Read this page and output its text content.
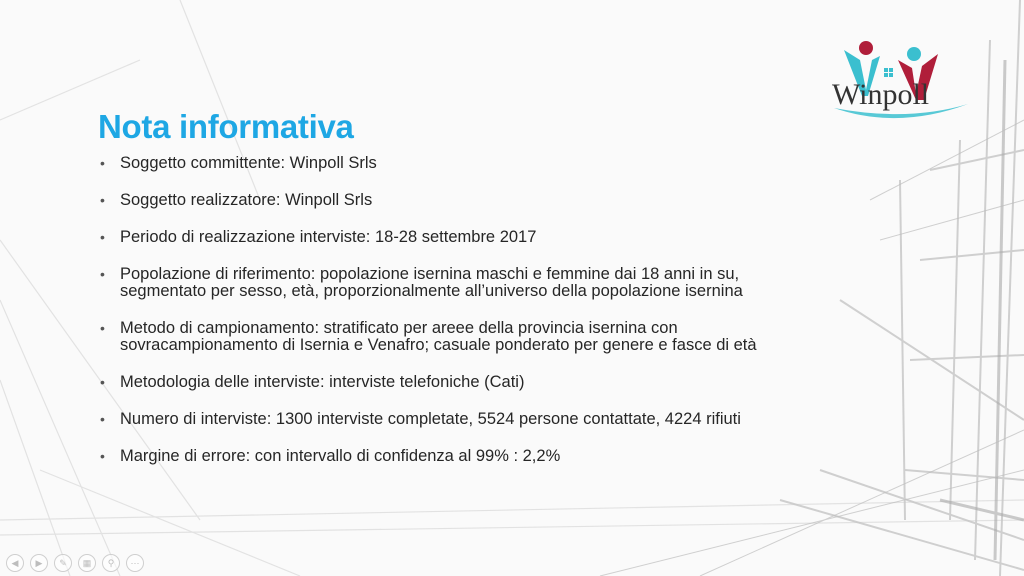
Nota informativa
• Soggetto committente: Winpoll Srls
• Soggetto realizzatore: Winpoll Srls
• Periodo di realizzazione interviste: 18-28 settembre 2017
• Popolazione di riferimento: popolazione isernina maschi e femmine dai 18 anni in su, segmentato per sesso, età, proporzionalmente all’universo della popolazione isernina
• Metodo di campionamento: stratificato per areee della provincia isernina con sovracampionamento di Isernia e Venafro; casuale ponderato per genere e fasce di età
• Metodologia delle interviste: interviste telefoniche (Cati)
• Numero di interviste: 1300 interviste completate, 5524 persone contattate, 4224 rifiuti
• Margine di errore: con intervallo di confidenza al 99% : 2,2%
Winpoll
◀	▶	✎	▦	⚲	⋯
